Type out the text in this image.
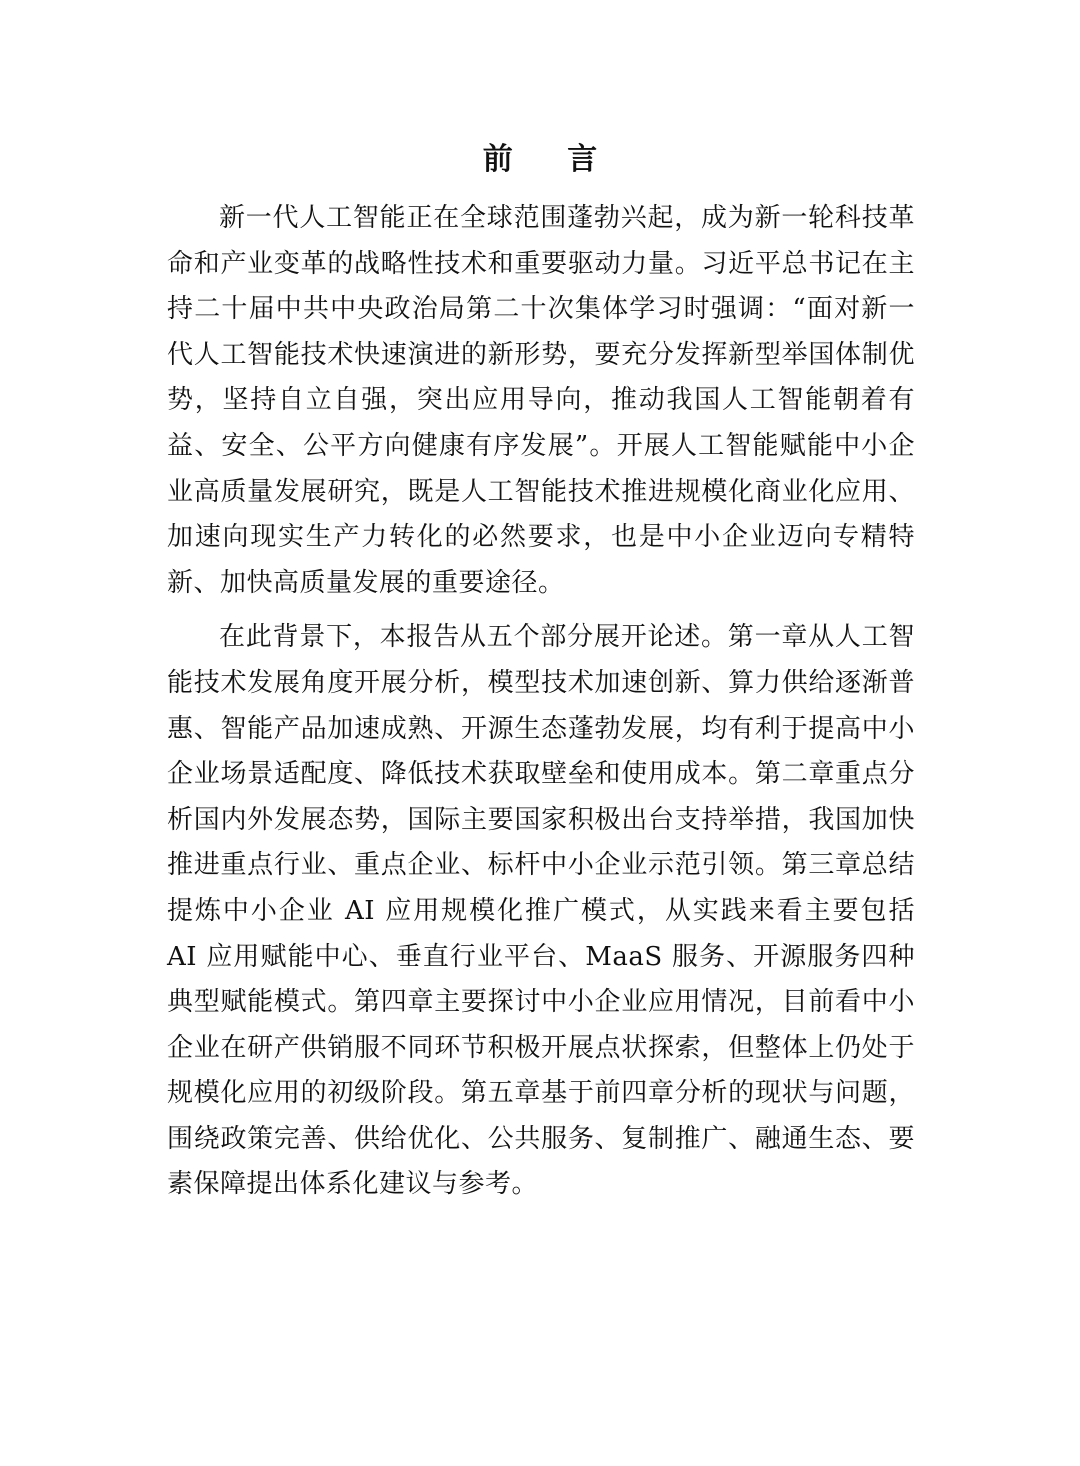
前 言

新一代人工智能正在全球范围蓬勃兴起，成为新一轮科技革命和产业变革的战略性技术和重要驱动力量。习近平总书记在主持二十届中共中央政治局第二十次集体学习时强调：“面对新一代人工智能技术快速演进的新形势，要充分发挥新型举国体制优势，坚持自立自强，突出应用导向，推动我国人工智能朝着有益、安全、公平方向健康有序发展”。开展人工智能赋能中小企业高质量发展研究，既是人工智能技术推进规模化商业化应用、加速向现实生产力转化的必然要求，也是中小企业迈向专精特新、加快高质量发展的重要途径。

在此背景下，本报告从五个部分展开论述。第一章从人工智能技术发展角度开展分析，模型技术加速创新、算力供给逐渐普惠、智能产品加速成熟、开源生态蓬勃发展，均有利于提高中小企业场景适配度、降低技术获取壁垒和使用成本。第二章重点分析国内外发展态势，国际主要国家积极出台支持举措，我国加快推进重点行业、重点企业、标杆中小企业示范引领。第三章总结提炼中小企业 AI 应用规模化推广模式，从实践来看主要包括 AI 应用赋能中心、垂直行业平台、MaaS 服务、开源服务四种典型赋能模式。第四章主要探讨中小企业应用情况，目前看中小企业在研产供销服不同环节积极开展点状探索，但整体上仍处于规模化应用的初级阶段。第五章基于前四章分析的现状与问题，围绕政策完善、供给优化、公共服务、复制推广、融通生态、要素保障提出体系化建议与参考。
